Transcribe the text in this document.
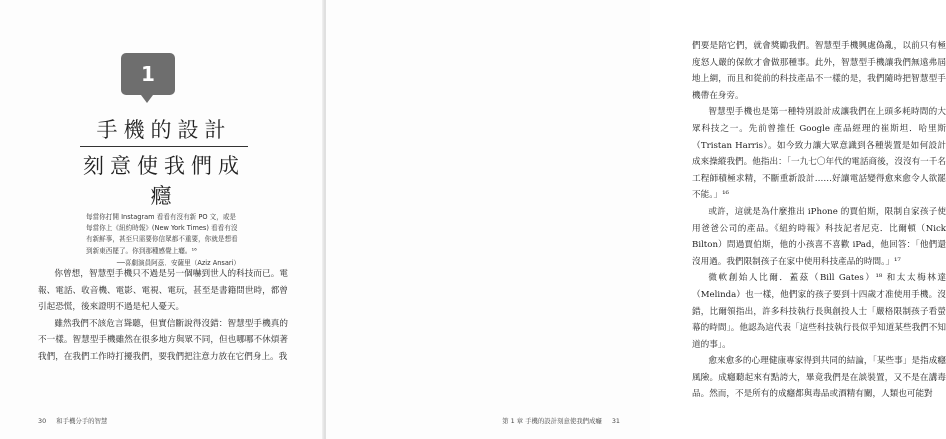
1
手機的設計
刻意使我們成癮

每當你打開 Instagram 看看有沒有新 PO 文，或是每當你上《紐約時報》(New York Times) 看看有沒有新鮮事，甚至只需要你信眾都不重要，你就是想看到新東西罷了。你到那種感覺上癮。¹⁶

──喜劇演員阿茲．安薩里（Aziz Ansari）

你曾想，智慧型手機只不過是另一個嚇到世人的科技而已。電報、電話、收音機、電影、電視、電玩，甚至是書籍問世時，都曾引起恐慌，後來證明不過是杞人憂天。

雖然我們不該危言聳聽，但實信斷說得沒錯：智慧型手機真的不一樣。智慧型手機雖然在很多地方與眾不同，但也哪哪不休煩著我們，在我們工作時打擾我們，要我們把注意力放在它們身上。我

30 和手機分手的智慧

們要是陪它們，就會獎勵我們。智慧型手機興處偽亂，以前只有極度怒人嚴的保飲才會做那種事。此外，智慧型手機讓我們無遠弗屆地上網，而且和從前的科技產品不一樣的是，我們隨時把智慧型手機帶在身旁。

智慧型手機也是第一種特別設計成讓我們在上頭多耗時間的大眾科技之一。先前曾推任 Google 產品經理的崔斯坦．哈里斯（Tristan Harris）。如今致力讓大眾意識到各種裝置是如何設計成來操縱我們。他指出：「一九七〇年代的電話商後，沒沒有一千名工程師積極求精，不斷重新設計……好讓電話變得愈來愈令人欲罷不能。」¹⁶

或許，這就是為什麼推出 iPhone 的賈伯斯，限制自家孩子使用爸爸公司的產品。《紐約時報》科技記者尼克．比爾頓（Nick Bilton）問過賈伯斯，他的小孩喜不喜歡 iPad，他回答：「他們還沒用過。我們限制孩子在家中使用科技產品的時間。」¹⁷

微軟創始人比爾．蓋茲（Bill Gates）¹⁸ 和太太梅林達（Melinda）也一樣，他們家的孩子要到十四歲才准使用手機。沒錯，比爾領指出，許多科技執行長與創投人士「嚴格限制孩子看螢幕的時間」。他認為這代表「這些科技執行長似乎知道某些我們不知道的事」。

愈來愈多的心理健康專家得到共同的結論，「某些事」是指成癮風險。成癮聽起來有點誇大，畢竟我們是在談裝置，又不是在講毒品。然而，不是所有的成癮都與毒品或酒精有關，人類也可能對

第 1 章 手機的設計刻意使我們成癮 31
